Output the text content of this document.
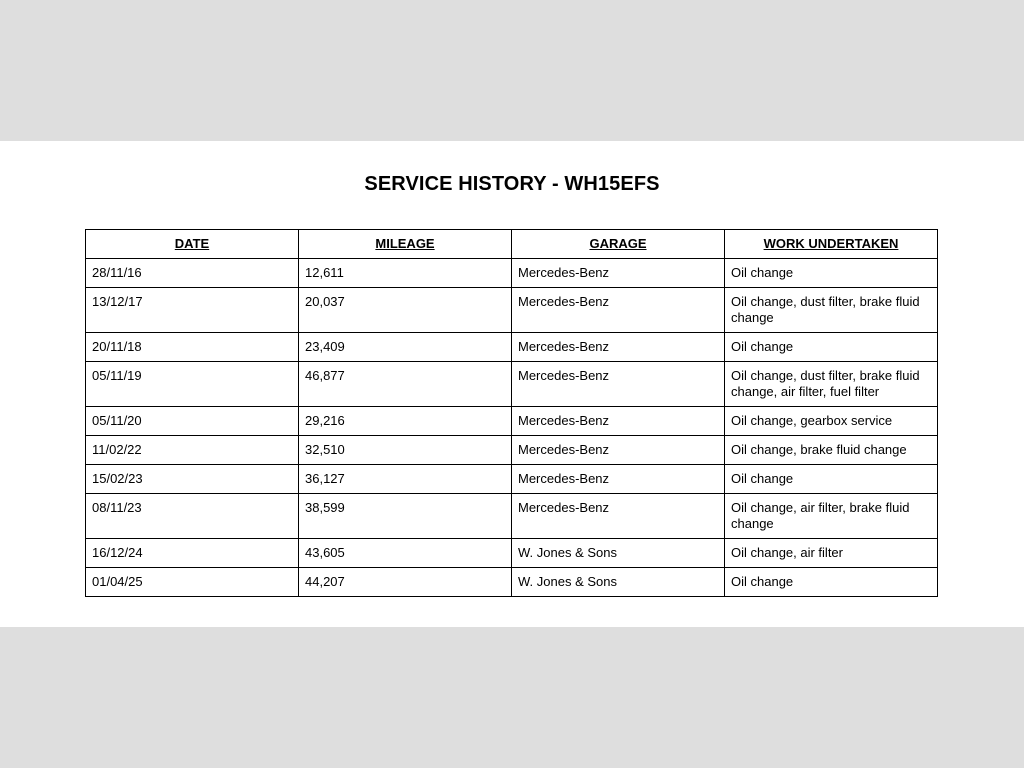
SERVICE HISTORY - WH15EFS
DATE	MILEAGE	GARAGE	WORK UNDERTAKEN
28/11/16	12,611	Mercedes-Benz	Oil change
13/12/17	20,037	Mercedes-Benz	Oil change, dust filter, brake fluid change
20/11/18	23,409	Mercedes-Benz	Oil change
05/11/19	46,877	Mercedes-Benz	Oil change, dust filter, brake fluid change, air filter, fuel filter
05/11/20	29,216	Mercedes-Benz	Oil change, gearbox service
11/02/22	32,510	Mercedes-Benz	Oil change, brake fluid change
15/02/23	36,127	Mercedes-Benz	Oil change
08/11/23	38,599	Mercedes-Benz	Oil change, air filter, brake fluid change
16/12/24	43,605	W. Jones & Sons	Oil change, air filter
01/04/25	44,207	W. Jones & Sons	Oil change
